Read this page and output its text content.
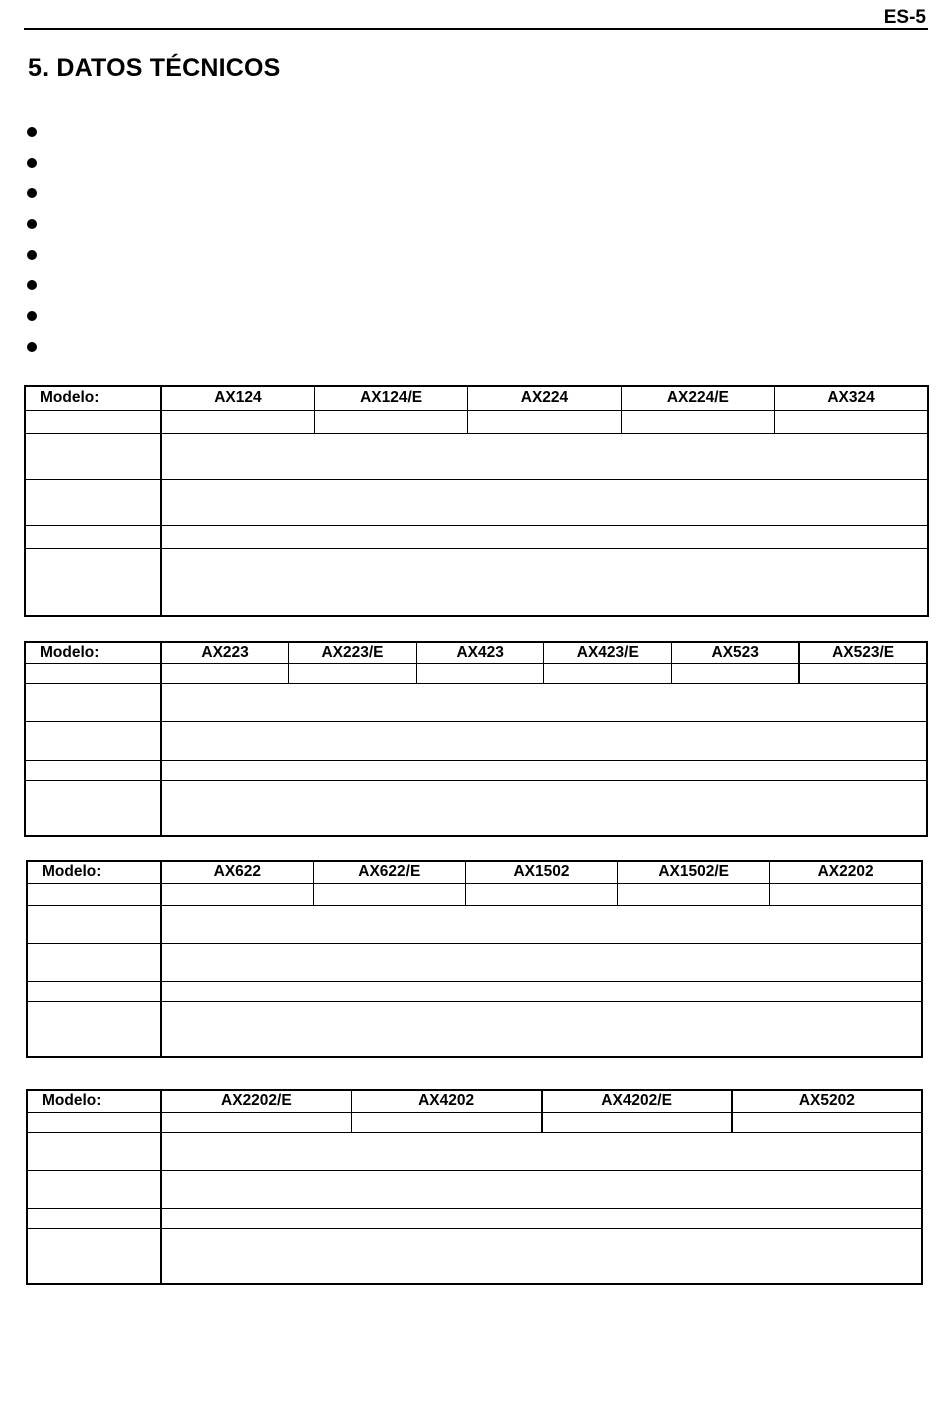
ES-5
5. DATOS TÉCNICOS
Modelo:	AX124	AX124/E	AX224	AX224/E	AX324

Modelo:	AX223	AX223/E	AX423	AX423/E	AX523	AX523/E

Modelo:	AX622	AX622/E	AX1502	AX1502/E	AX2202

Modelo:	AX2202/E	AX4202	AX4202/E	AX5202
